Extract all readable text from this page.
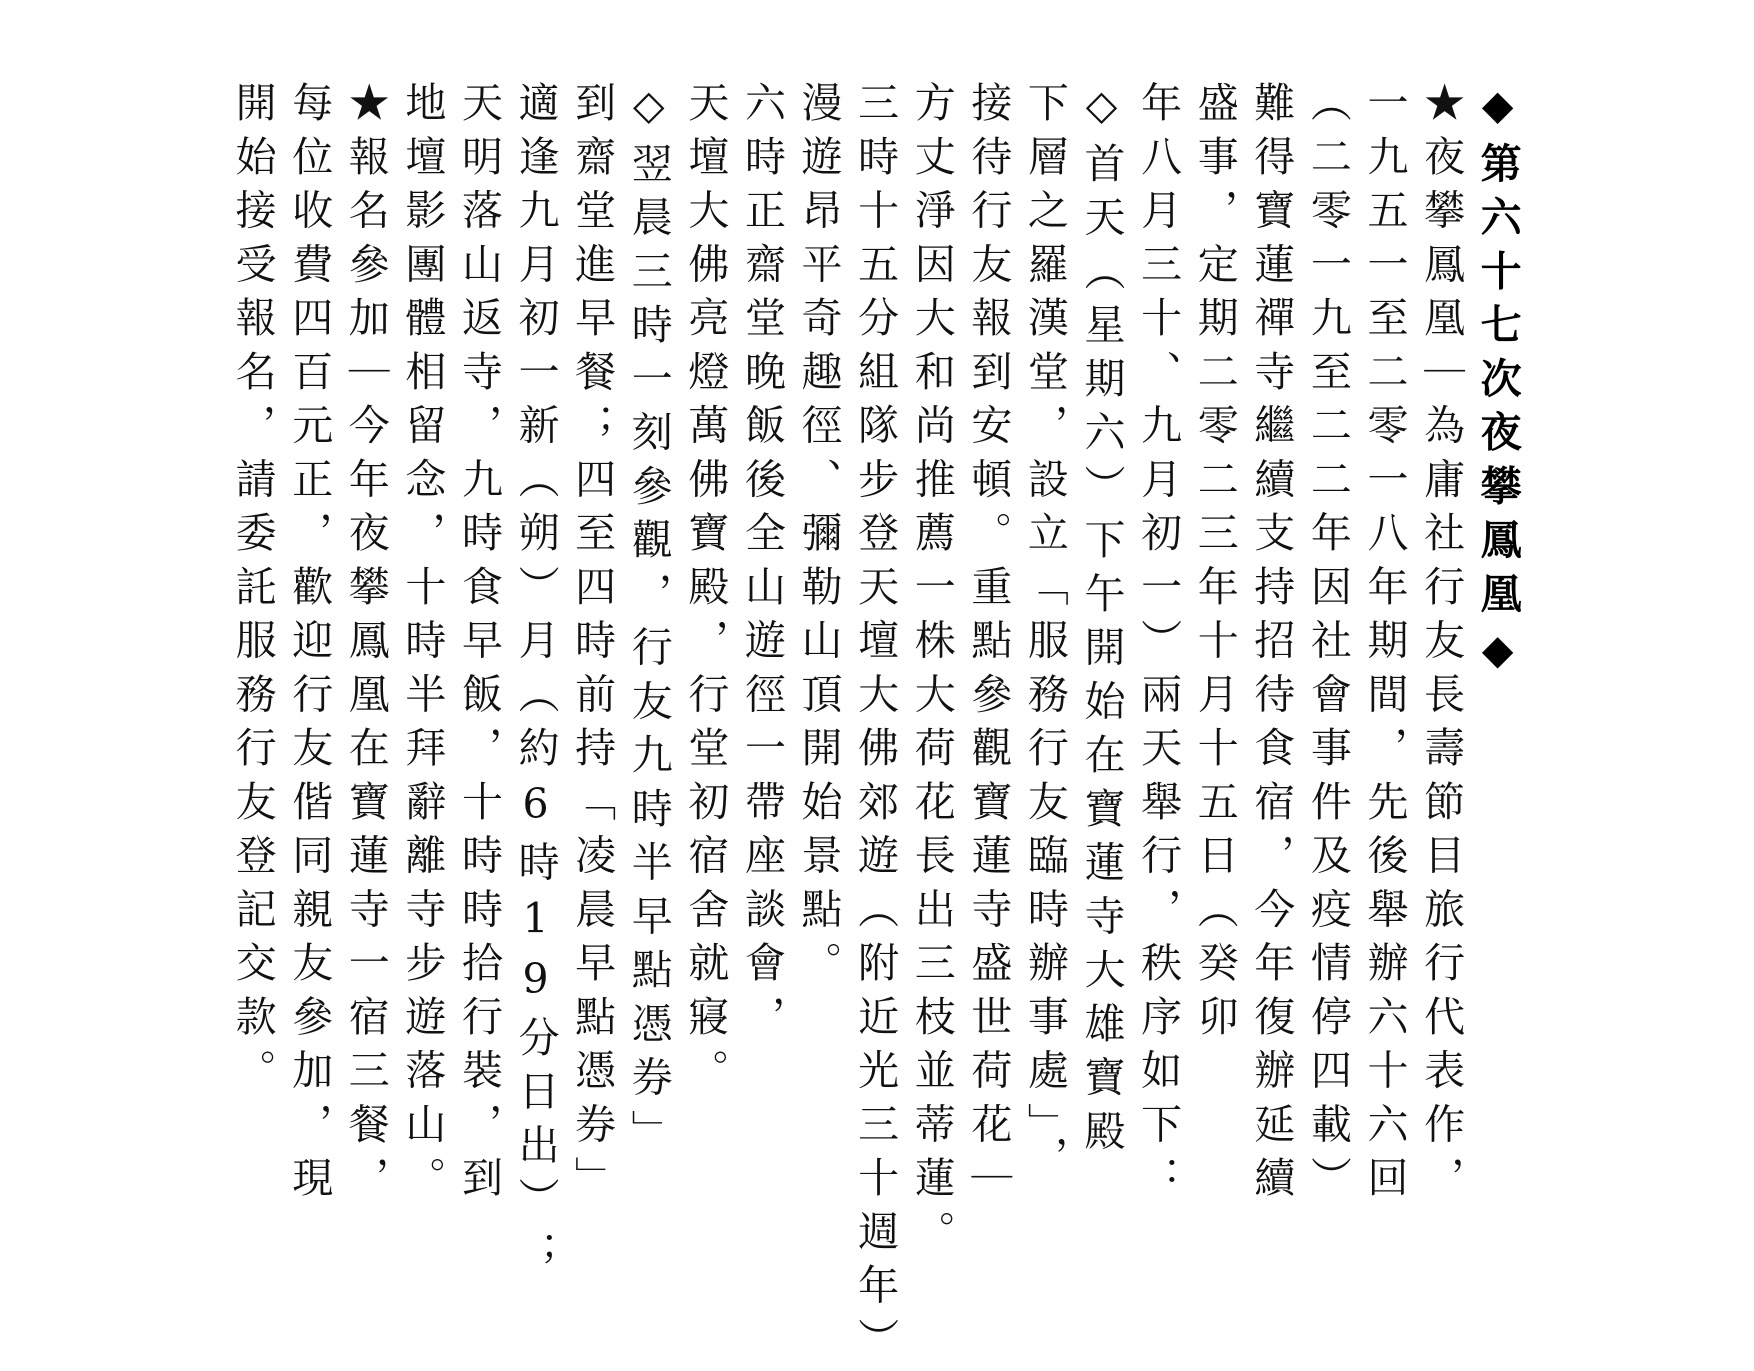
◆第六十七次夜攀鳳凰◆
★夜攀鳳凰｜為庸社行友長壽節目旅行代表作，
一九五一至二零一八年期間，先後舉辦六十六回
︵二零一九至二二年因社會事件及疫情停四載︶
難得寶蓮禪寺繼續支持招待食宿，今年復辦延續
盛事，定期二零二三年十月十五日︵癸卯
年八月三十、九月初一︶兩天舉行，秩序如下：
◇首天︵星期六︶下午開始在寶蓮寺大雄寶殿
下層之羅漢堂，設立「服務行友臨時辦事處」，
接待行友報到安頓。重點參觀寶蓮寺盛世荷花｜
方丈淨因大和尚推薦一株大荷花長出三枝並蒂蓮。
三時十五分組隊步登天壇大佛郊遊︵附近光三十週年︶
漫遊昂平奇趣徑、彌勒山頂開始景點。
六時正齋堂晚飯後全山遊徑一帶座談會，
天壇大佛亮燈萬佛寶殿，行堂初宿舍就寢。
◇翌晨三時一刻參觀，行友九時半早點憑券」
到齋堂進早餐；四至四時前持「凌晨早點憑券」
適逢九月初一新︵朔︶月︵約6時19分日出︶；
天明落山返寺，九時食早飯，十時時拾行裝，到
地壇影團體相留念，十時半拜辭離寺步遊落山。
★報名參加｜今年夜攀鳳凰在寶蓮寺一宿三餐，
每位收費四百元正，歡迎行友偕同親友參加，現
開始接受報名，請委託服務行友登記交款。
